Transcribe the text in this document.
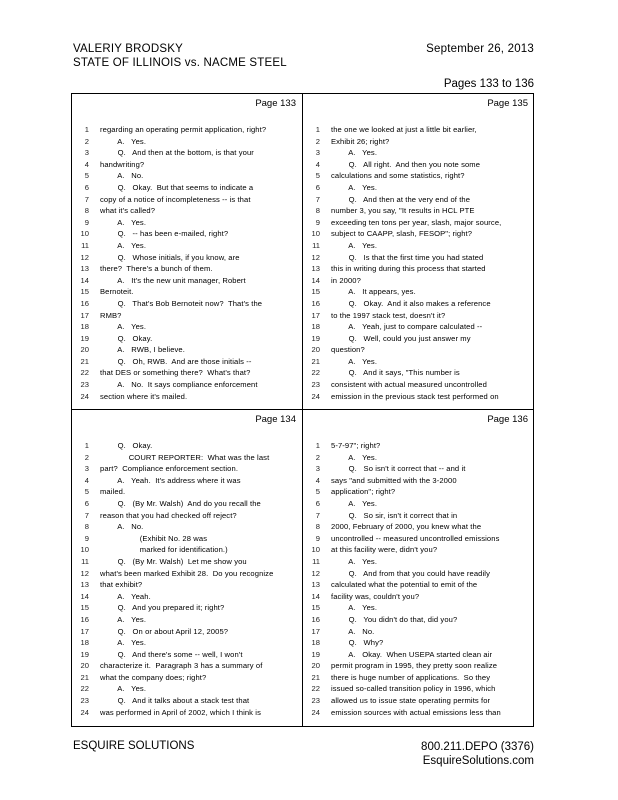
VALERIY BRODSKY
STATE OF ILLINOIS vs. NACME STEEL
September 26, 2013
Pages 133 to 136
Page 133
1 regarding an operating permit application, right?
2 A.   Yes.
3 Q.   And then at the bottom, is that your
4 handwriting?
5 A.   No.
6 Q.   Okay.  But that seems to indicate a
7 copy of a notice of incompleteness -- is that
8 what it's called?
9 A.   Yes.
10 Q.   -- has been e-mailed, right?
11 A.   Yes.
12 Q.   Whose initials, if you know, are
13 there?  There's a bunch of them.
14 A.   It's the new unit manager, Robert
15 Bernoteit.
16 Q.   That's Bob Bernoteit now?  That's the
17 RMB?
18 A.   Yes.
19 Q.   Okay.
20 A.   RWB, I believe.
21 Q.   Oh, RWB.  And are those initials --
22 that DES or something there?  What's that?
23 A.   No.  It says compliance enforcement
24 section where it's mailed.
Page 135
1 the one we looked at just a little bit earlier,
2 Exhibit 26; right?
3 A.   Yes.
4 Q.   All right.  And then you note some
5 calculations and some statistics, right?
6 A.   Yes.
7 Q.   And then at the very end of the
8 number 3, you say, "It results in HCL PTE
9 exceeding ten tons per year, slash, major source,
10 subject to CAAPP, slash, FESOP"; right?
11 A.   Yes.
12 Q.   Is that the first time you had stated
13 this in writing during this process that started
14 in 2000?
15 A.   It appears, yes.
16 Q.   Okay.  And it also makes a reference
17 to the 1997 stack test, doesn't it?
18 A.   Yeah, just to compare calculated --
19 Q.   Well, could you just answer my
20 question?
21 A.   Yes.
22 Q.   And it says, "This number is
23 consistent with actual measured uncontrolled
24 emission in the previous stack test performed on
Page 134
1 Q.   Okay.
2 COURT REPORTER:  What was the last
3 part?  Compliance enforcement section.
4 A.   Yeah.  It's address where it was
5 mailed.
6 Q.   (By Mr. Walsh)  And do you recall the
7 reason that you had checked off reject?
8 A.   No.
9 (Exhibit No. 28 was
10 marked for identification.)
11 Q.   (By Mr. Walsh)  Let me show you
12 what's been marked Exhibit 28.  Do you recognize
13 that exhibit?
14 A.   Yeah.
15 Q.   And you prepared it; right?
16 A.   Yes.
17 Q.   On or about April 12, 2005?
18 A.   Yes.
19 Q.   And there's some -- well, I won't
20 characterize it.  Paragraph 3 has a summary of
21 what the company does; right?
22 A.   Yes.
23 Q.   And it talks about a stack test that
24 was performed in April of 2002, which I think is
Page 136
1 5-7-97"; right?
2 A.   Yes.
3 Q.   So isn't it correct that -- and it
4 says "and submitted with the 3-2000
5 application"; right?
6 A.   Yes.
7 Q.   So sir, isn't it correct that in
8 2000, February of 2000, you knew what the
9 uncontrolled -- measured uncontrolled emissions
10 at this facility were, didn't you?
11 A.   Yes.
12 Q.   And from that you could have readily
13 calculated what the potential to emit of the
14 facility was, couldn't you?
15 A.   Yes.
16 Q.   You didn't do that, did you?
17 A.   No.
18 Q.   Why?
19 A.   Okay.  When USEPA started clean air
20 permit program in 1995, they pretty soon realize
21 there is huge number of applications.  So they
22 issued so-called transition policy in 1996, which
23 allowed us to issue state operating permits for
24 emission sources with actual emissions less than
ESQUIRE SOLUTIONS	800.211.DEPO (3376)
EsquireSolutions.com
